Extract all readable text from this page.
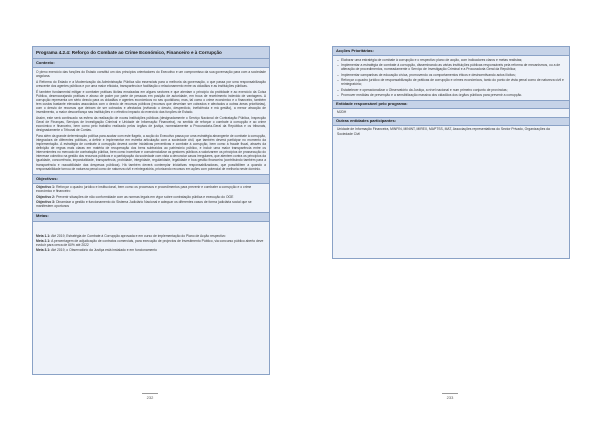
Programa 4.2.4: Reforço do Combate ao Crime Económico, Financeiro e à Corrupção
Contexto:

O pleno exercício das funções do Estado constitui um dos princípios orientadores do Executivo e um compromisso da sua governação para com a sociedade angolana.

A Reforma do Estado e a Modernização da Administração Pública são essenciais para a melhoria da governação, o que passa por uma responsabilização crescente dos agentes públicos e por uma maior eficácia, transparência e facilitação o relacionamento entre os cidadãos e as instituições públicas.

É também fundamental mitigar e combater práticas ilícitas enraizadas em alguns sectores e que atentam o princípio da probidade e ao exercício da Coisa Pública, desencorajando práticas e abuso de poder por parte de pessoas em posição de autoridade, em troca de recebimento indevido de vantagens. A corrupção representa um sério desvio para os cidadãos e agentes económicos no seu quotidiano, mas, tal como o crime económico e o financeiro, também tem custos bastante elevados associados com o desvio de recursos públicos (recursos que deveriam ser cobrados e afectados a outras áreas prioritárias), com o desvio de recursos que deixam de ser cobrados e afectados (evitando o desvio, desperdício, ineficiência e má gestão), a menor atracção de investimento, a maior desconfiança nas instituições e o efectivo impacto do exercício das funções de Estado.

Assim, este será continuado na esfera da realização de novas instituições públicas (designadamente o Serviço Nacional de Contratação Pública, Inspecção Geral de Finanças, Serviços de Investigação Criminal e Unidade de Informação Financeira), no sentido de reforçar o combate à corrupção e ao crime económico e financeiro, bem como pelo trabalho realizado pelos órgãos de justiça, nomeadamente a Procuradoria-Geral da República e os tribunais, designadamente o Tribunal de Contas.

Para além da grande determinação política para acabar com este flagelo, a acção do Executivo passa por uma estratégia abrangente de combate à corrupção, integradora de diferentes políticas, a definir e implementar em estreita articulação com a sociedade civil, que também deverá participar no momento da implementação. A estratégia de combate à corrupção deverá conter iniciativas preventivas e combate à corrupção, bem como à fraude fiscal, através da definição de regras mais claras em matéria de recuperação dos bens subtraídos ao património público, e incluir uma maior transparência entre os intervenientes no mercado de contratação pública, bem como incentivar e consciencializar os gestores públicos a valorizarem os princípios de prossecução do interesse colectivo na gestão dos recursos públicos e a participação da sociedade com vista a denunciar casos irregulares, que atentem contra os princípios da igualdade, concorrência, imparcialidade, transparência, probidade, integridade, regularidade, legalidade e boa gestão financeira (contribuindo também para a transparência e razoabilidade das despesas públicas). Há também deverá contemplar iniciativas responsabilizadoras, que possibilitem a quando a responsabilidade tornou de natureza penal como de natureza civil e reintegratória, priorizando recursos em ações com potencial de melhoria neste domínio.

Objectivos:

Objectivo 1: Reforçar o quadro jurídico e institucional, bem como os processos e procedimentos para prevenir e combater a corrupção e o crime económico e financeiro

Objectivo 2: Prevenir situações de não conformidade com as normas legais em vigor sobre contratação pública e execução do OGE

Objectivo 3: Dinamizar a gestão e funcionamento do Sistema Judiciário Nacional e adequar os diferentes casos de forma judiciária social que se manifestem oportunos

Metas:

Meta 1.1: Até 2019, Estratégia de Combate à Corrupção aprovada e em curso de implementação do Plano de Acção respectivo

Meta 2.1: A percentagem de adjudicação de contratos comerciais, para execução de projectos de Investimento Público, via concurso público aberto deve evoluir para cerca de 60% até 2022

Meta 3.1: Até 2019, o Observatório da Justiça está instalado e em funcionamento

232
Acções Prioritárias:
– Elaborar uma estratégia de combate à corrupção e o respectivo plano de acção, com indicadores claros e metas realistas;
– Implementar a estratégia de combate à corrupção, disseminando as várias instituições públicas responsáveis pela reforma de mecanismos, ou a de alteração de procedimentos, nomeadamente o Serviço de Investigação Criminal e a Procuradoria Geral da República;
– Implementar campanhas de educação cívica, promovendo os comportamentos éticos e desincentivando actos ilícitos;
– Reforçar o quadro jurídico de responsabilização de práticas de corrupção e crimes económicos, tanto do ponto de vista penal como de natureza civil e reintegratória;
– Estabelecer e operacionalizar o Observatório da Justiça, a nível nacional e num primeiro conjunto de províncias;
– Promover medidas de prevenção e a sensibilização massiva dos cidadãos dos órgãos públicos para prevenir a corrupção.
Entidade responsável pelo programa:

MJDH

Outras entidades participantes:

Unidade de Informação Financeira, MINFIN, MININT, MIREX, MAPTSS, MAT, Associações representativas do Sector Privado, Organizações da Sociedade Civil

233
